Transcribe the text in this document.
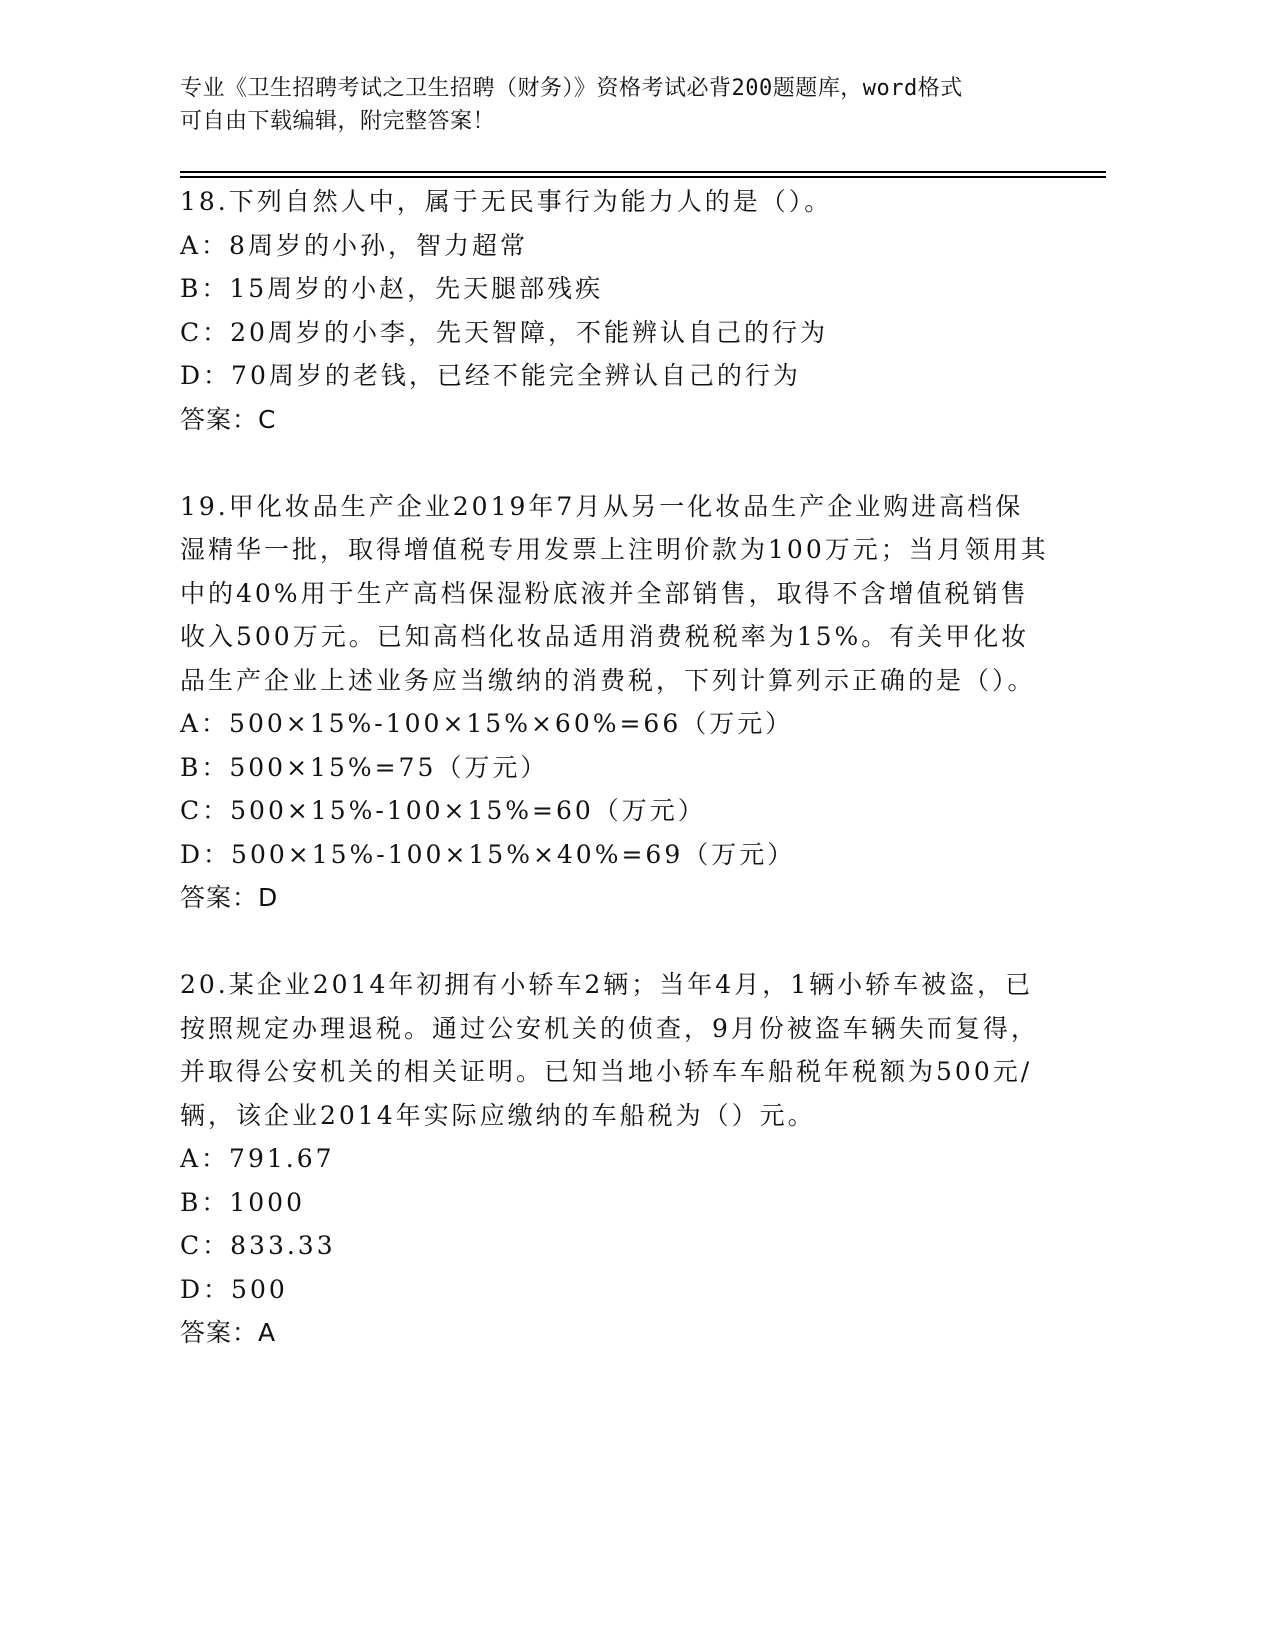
专业《卫生招聘考试之卫生招聘（财务）》资格考试必背200题题库，word格式
可自由下载编辑，附完整答案！

18.下列自然人中，属于无民事行为能力人的是（）。

A：8周岁的小孙，智力超常

B：15周岁的小赵，先天腿部残疾

C：20周岁的小李，先天智障，不能辨认自己的行为

D：70周岁的老钱，已经不能完全辨认自己的行为

答案：C

19.甲化妆品生产企业2019年7月从另一化妆品生产企业购进高档保湿精华一批，取得增值税专用发票上注明价款为100万元；当月领用其中的40%用于生产高档保湿粉底液并全部销售，取得不含增值税销售收入500万元。已知高档化妆品适用消费税税率为15%。有关甲化妆品生产企业上述业务应当缴纳的消费税，下列计算列示正确的是（）。

A：500×15%-100×15%×60%=66（万元）

B：500×15%=75（万元）

C：500×15%-100×15%=60（万元）

D：500×15%-100×15%×40%=69（万元）

答案：D

20.某企业2014年初拥有小轿车2辆；当年4月，1辆小轿车被盗，已按照规定办理退税。通过公安机关的侦查，9月份被盗车辆失而复得，并取得公安机关的相关证明。已知当地小轿车车船税年税额为500元/辆，该企业2014年实际应缴纳的车船税为（）元。

A：791.67

B：1000

C：833.33

D：500

答案：A
